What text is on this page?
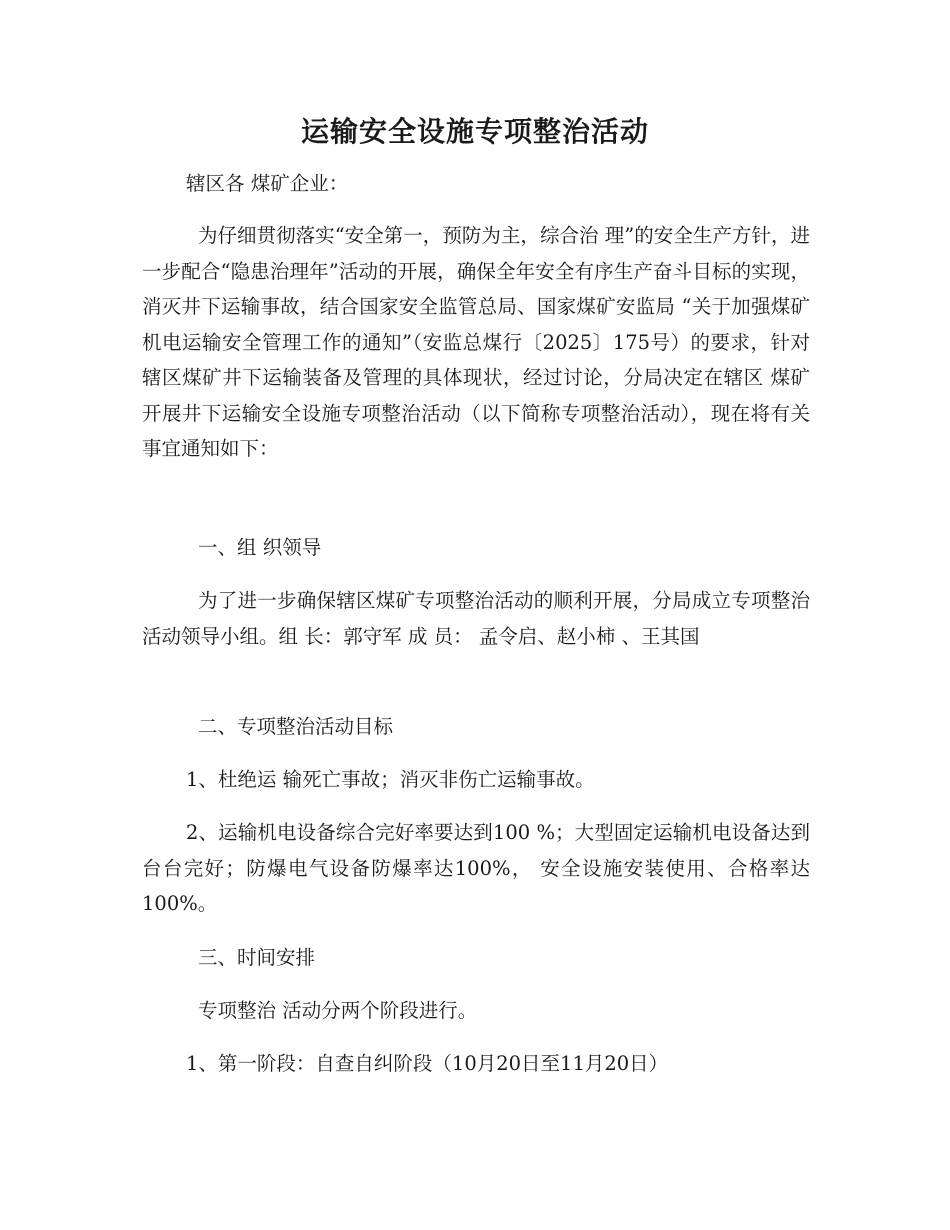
运输安全设施专项整治活动

辖区各 煤矿企业：

为仔细贯彻落实“安全第一，预防为主，综合治 理”的安全生产方针，进一步配合“隐患治理年”活动的开展，确保全年安全有序生产奋斗目标的实现，消灭井下运输事故，结合国家安全监管总局、国家煤矿安监局 “关于加强煤矿机电运输安全管理工作的通知”（安监总煤行〔2025〕175号）的要求，针对辖区煤矿井下运输装备及管理的具体现状，经过讨论，分局决定在辖区 煤矿开展井下运输安全设施专项整治活动（以下简称专项整治活动），现在将有关事宜通知如下：

一、组 织领导

为了进一步确保辖区煤矿专项整治活动的顺利开展，分局成立专项整治活动领导小组。组 长：郭守军 成 员： 孟令启、赵小柿 、王其国

二、专项整治活动目标

1、杜绝运 输死亡事故；消灭非伤亡运输事故。

2、运输机电设备综合完好率要达到100 %；大型固定运输机电设备达到台台完好；防爆电气设备防爆率达100%， 安全设施安装使用、合格率达100%。

三、时间安排

专项整治 活动分两个阶段进行。

1、第一阶段：自查自纠阶段（10月20日至11月20日）
